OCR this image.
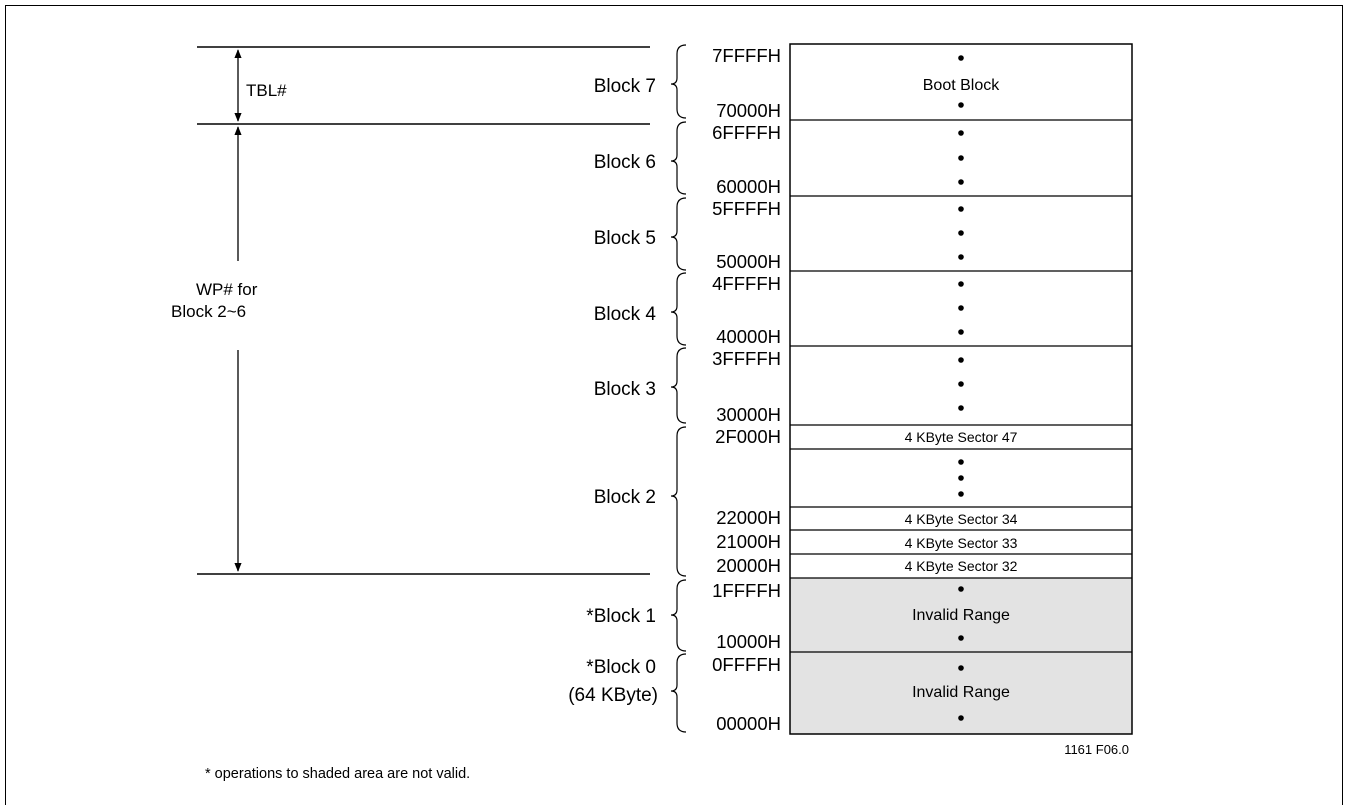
TBL#
WP# for
Block 2~6
Boot Block
4 KByte Sector 47
4 KByte Sector 34
4 KByte Sector 33
4 KByte Sector 32
Invalid Range
Invalid Range
Block 7
Block 6
Block 5
Block 4
Block 3
Block 2
*Block 1
*Block 0
(64 KByte)
7FFFFH
70000H
6FFFFH
60000H
5FFFFH
50000H
4FFFFH
40000H
3FFFFH
30000H
2F000H
22000H
21000H
20000H
1FFFFH
10000H
0FFFFH
00000H
1161 F06.0
* operations to shaded area are not valid.
